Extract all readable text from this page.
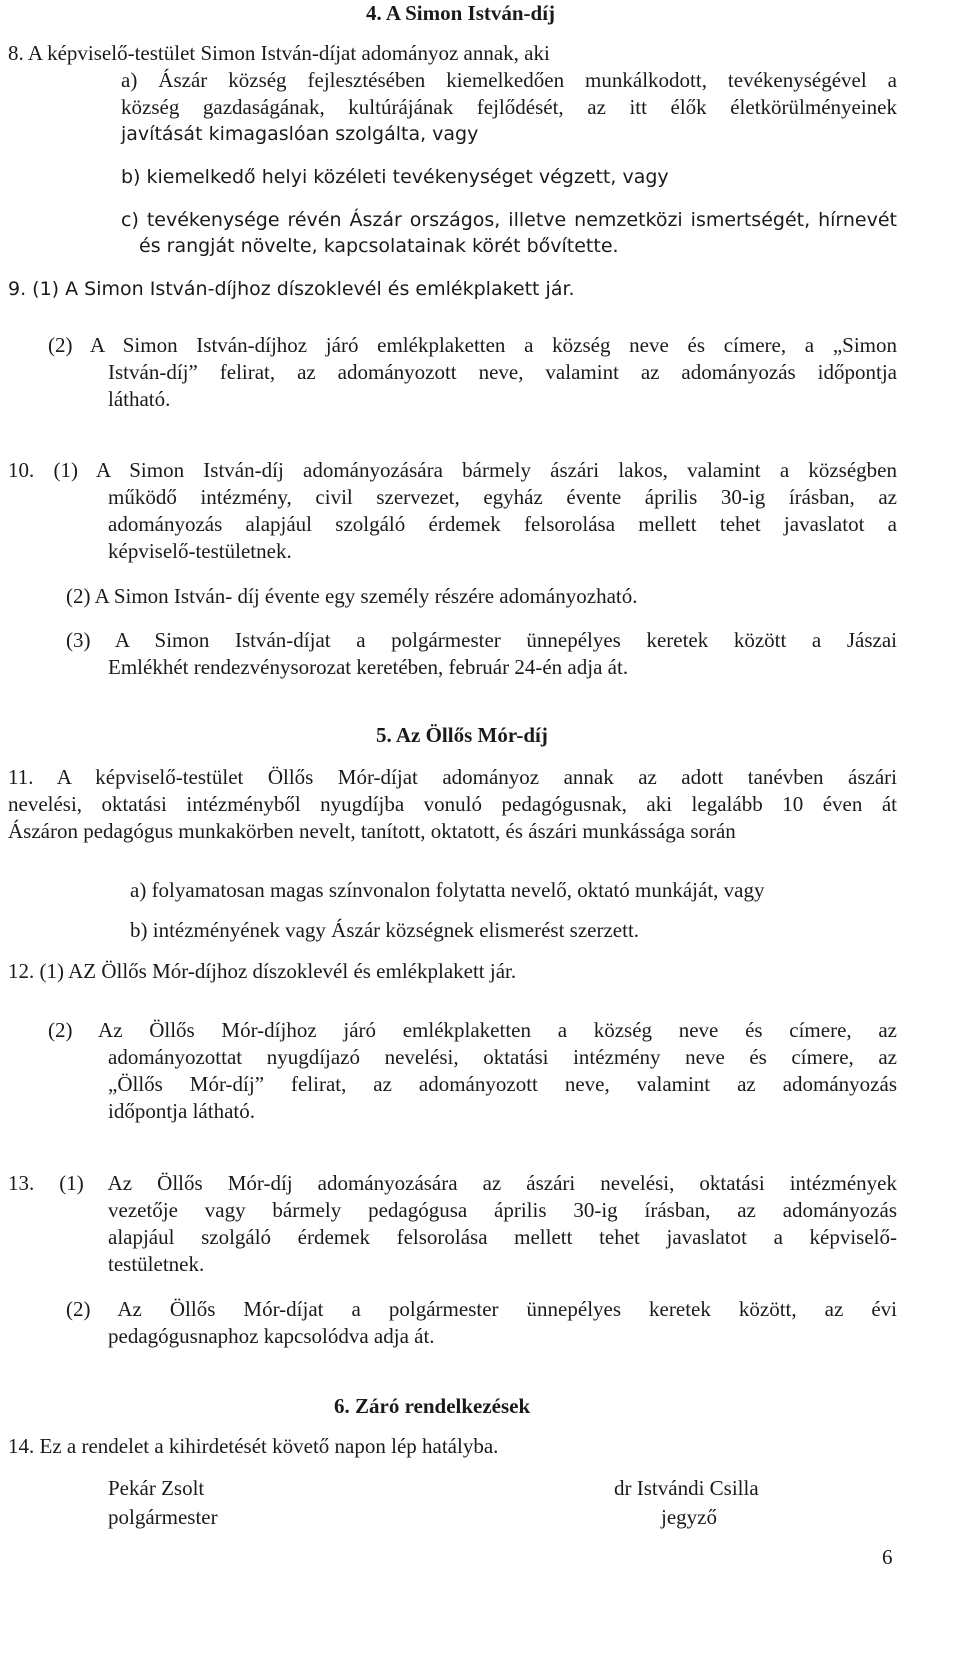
4. A Simon István-díj
8. A képviselő-testület Simon István-díjat adományoz annak, aki
a) Ászár község fejlesztésében kiemelkedően munkálkodott, tevékenységével a
község gazdaságának, kultúrájának fejlődését, az itt élők életkörülményeinek
javítását kimagaslóan szolgálta, vagy
b) kiemelkedő helyi közéleti tevékenységet végzett, vagy
c) tevékenysége révén Ászár országos, illetve nemzetközi ismertségét, hírnevét
és rangját növelte, kapcsolatainak körét bővítette.
9. (1) A Simon István-díjhoz díszoklevél és emlékplakett jár.
(2) A Simon István-díjhoz járó emlékplaketten a község neve és címere, a „Simon
István-díj” felirat, az adományozott neve, valamint az adományozás időpontja
látható.
10. (1) A Simon István-díj adományozására bármely ászári lakos, valamint a községben
működő intézmény, civil szervezet, egyház évente április 30-ig írásban, az
adományozás alapjául szolgáló érdemek felsorolása mellett tehet javaslatot a
képviselő-testületnek.
(2) A Simon István- díj évente egy személy részére adományozható.
(3) A Simon István-díjat a polgármester ünnepélyes keretek között a Jászai
Emlékhét rendezvénysorozat keretében, február 24-én adja át.
5. Az Öllős Mór-díj
11. A képviselő-testület Öllős Mór-díjat adományoz annak az adott tanévben ászári
nevelési, oktatási intézményből nyugdíjba vonuló pedagógusnak, aki legalább 10 éven át
Ászáron pedagógus munkakörben nevelt, tanított, oktatott, és ászári munkássága során
a) folyamatosan magas színvonalon folytatta nevelő, oktató munkáját, vagy
b) intézményének vagy Ászár községnek elismerést szerzett.
12. (1) AZ Öllős Mór-díjhoz díszoklevél és emlékplakett jár.
(2) Az Öllős Mór-díjhoz járó emlékplaketten a község neve és címere, az
adományozottat nyugdíjazó nevelési, oktatási intézmény neve és címere, az
„Öllős Mór-díj” felirat, az adományozott neve, valamint az adományozás
időpontja látható.
13. (1) Az Öllős Mór-díj adományozására az ászári nevelési, oktatási intézmények
vezetője vagy bármely pedagógusa április 30-ig írásban, az adományozás
alapjául szolgáló érdemek felsorolása mellett tehet javaslatot a képviselő-
testületnek.
(2) Az Öllős Mór-díjat a polgármester ünnepélyes keretek között, az évi
pedagógusnaphoz kapcsolódva adja át.
6. Záró rendelkezések
14. Ez a rendelet a kihirdetését követő napon lép hatályba.
Pekár Zsolt
polgármester
dr Istvándi Csilla
jegyző
6
